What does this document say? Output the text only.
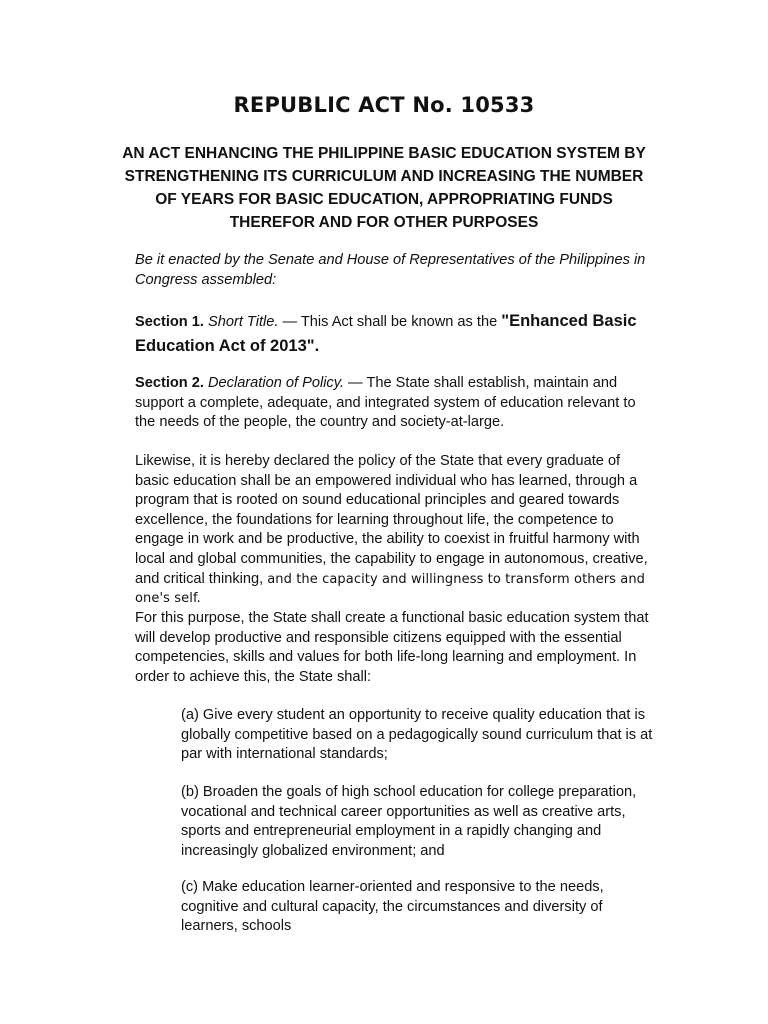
REPUBLIC ACT No. 10533

AN ACT ENHANCING THE PHILIPPINE BASIC EDUCATION SYSTEM BY STRENGTHENING ITS CURRICULUM AND INCREASING THE NUMBER OF YEARS FOR BASIC EDUCATION, APPROPRIATING FUNDS THEREFOR AND FOR OTHER PURPOSES

Be it enacted by the Senate and House of Representatives of the Philippines in Congress assembled:

Section 1. Short Title. — This Act shall be known as the "Enhanced Basic Education Act of 2013".

Section 2. Declaration of Policy. — The State shall establish, maintain and support a complete, adequate, and integrated system of education relevant to the needs of the people, the country and society-at-large.

Likewise, it is hereby declared the policy of the State that every graduate of basic education shall be an empowered individual who has learned, through a program that is rooted on sound educational principles and geared towards excellence, the foundations for learning throughout life, the competence to engage in work and be productive, the ability to coexist in fruitful harmony with local and global communities, the capability to engage in autonomous, creative, and critical thinking, and the capacity and willingness to transform others and one's self.

For this purpose, the State shall create a functional basic education system that will develop productive and responsible citizens equipped with the essential competencies, skills and values for both life-long learning and employment. In order to achieve this, the State shall:

(a) Give every student an opportunity to receive quality education that is globally competitive based on a pedagogically sound curriculum that is at par with international standards;

(b) Broaden the goals of high school education for college preparation, vocational and technical career opportunities as well as creative arts, sports and entrepreneurial employment in a rapidly changing and increasingly globalized environment; and

(c) Make education learner-oriented and responsive to the needs, cognitive and cultural capacity, the circumstances and diversity of learners, schools
